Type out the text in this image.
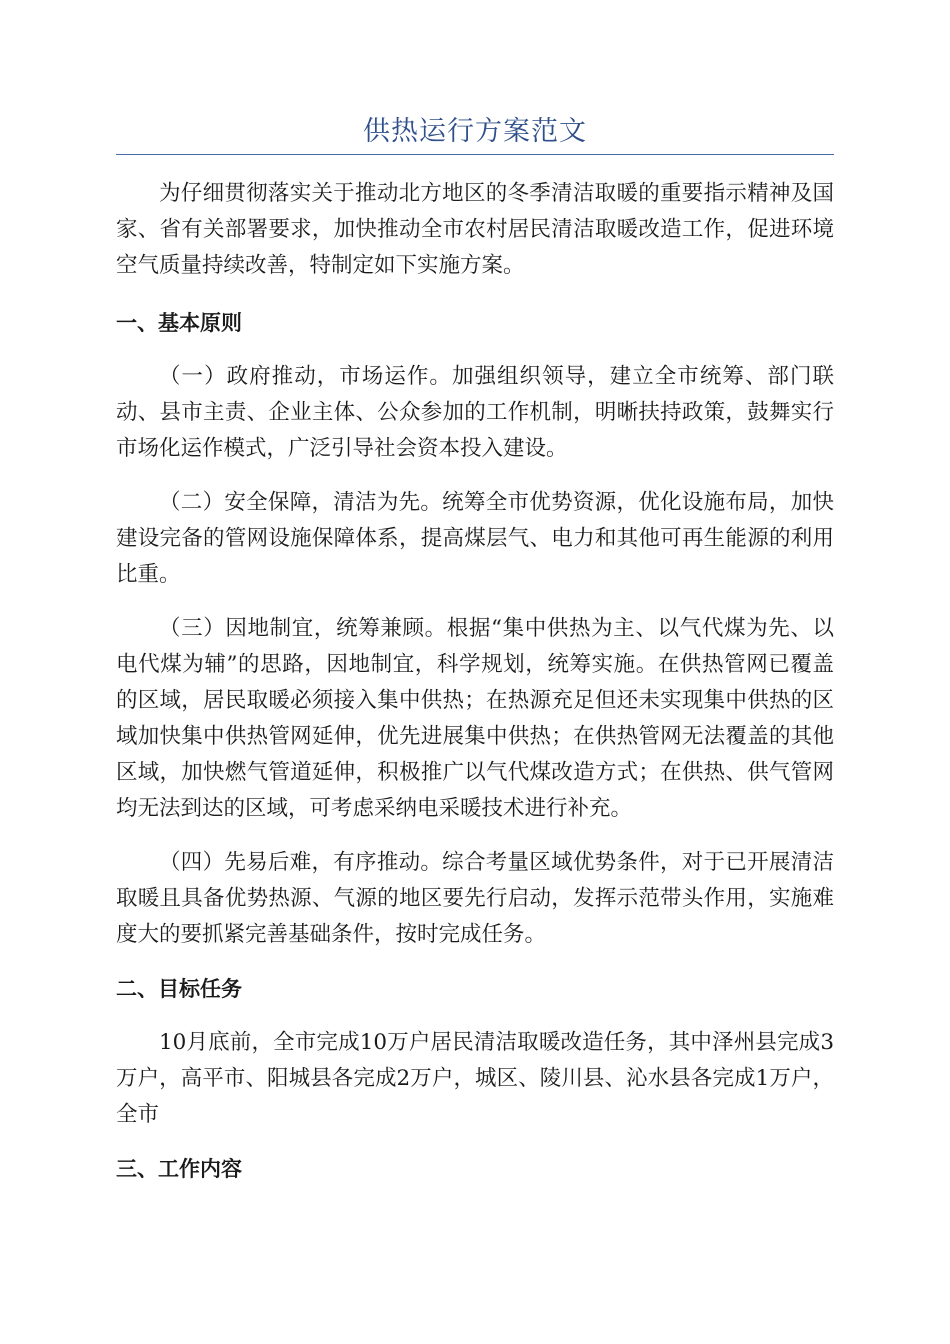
供热运行方案范文

为仔细贯彻落实关于推动北方地区的冬季清洁取暖的重要指示精神及国家、省有关部署要求，加快推动全市农村居民清洁取暖改造工作，促进环境空气质量持续改善，特制定如下实施方案。

一、基本原则

（一）政府推动，市场运作。加强组织领导，建立全市统筹、部门联动、县市主责、企业主体、公众参加的工作机制，明晰扶持政策，鼓舞实行市场化运作模式，广泛引导社会资本投入建设。

（二）安全保障，清洁为先。统筹全市优势资源，优化设施布局，加快建设完备的管网设施保障体系，提高煤层气、电力和其他可再生能源的利用比重。

（三）因地制宜，统筹兼顾。根据“集中供热为主、以气代煤为先、以电代煤为辅”的思路，因地制宜，科学规划，统筹实施。在供热管网已覆盖的区域，居民取暖必须接入集中供热；在热源充足但还未实现集中供热的区域加快集中供热管网延伸，优先进展集中供热；在供热管网无法覆盖的其他区域，加快燃气管道延伸，积极推广以气代煤改造方式；在供热、供气管网均无法到达的区域，可考虑采纳电采暖技术进行补充。

（四）先易后难，有序推动。综合考量区域优势条件，对于已开展清洁取暖且具备优势热源、气源的地区要先行启动，发挥示范带头作用，实施难度大的要抓紧完善基础条件，按时完成任务。

二、目标任务

10月底前，全市完成10万户居民清洁取暖改造任务，其中泽州县完成3万户，高平市、阳城县各完成2万户，城区、陵川县、沁水县各完成1万户，全市

三、工作内容
